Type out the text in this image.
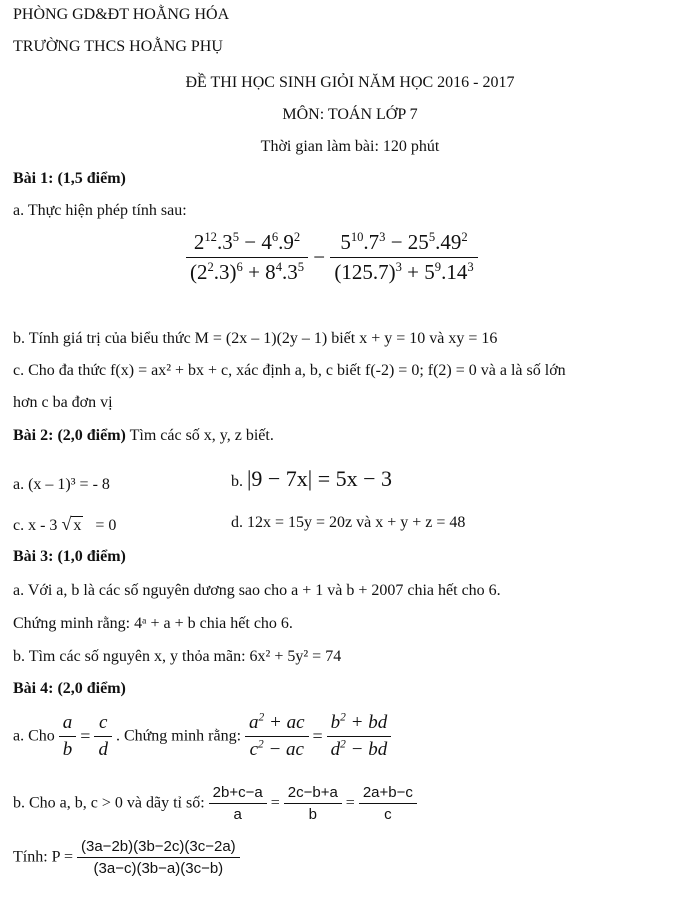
PHÒNG GD&ĐT HOẰNG HÓA
TRƯỜNG THCS HOẰNG PHỤ
ĐỀ THI HỌC SINH GIỎI NĂM HỌC 2016 - 2017
MÔN: TOÁN LỚP 7
Thời gian làm bài: 120 phút
Bài 1: (1,5 điểm)
a. Thực hiện phép tính sau:
$\frac{2^{12}.3^5 - 4^6.9^2}{(2^2.3)^6 + 8^4.3^5} - \frac{5^{10}.7^3 - 25^5.49^2}{(125.7)^3 + 5^9.14^3}$
b. Tính giá trị của biểu thức M = (2x – 1)(2y – 1) biết x + y = 10 và xy = 16
c. Cho đa thức f(x) = ax² + bx + c, xác định a, b, c biết f(-2) = 0; f(2) = 0 và a là số lớn
hơn c ba đơn vị
Bài 2: (2,0 điểm) Tìm các số x, y, z biết.
a. (x – 1)³ = - 8	b. |9 − 7x| = 5x − 3
c. x - 3 √ x = 0	d. 12x = 15y = 20z và x + y + z = 48
Bài 3: (1,0 điểm)
a. Với a, b là các số nguyên dương sao cho a + 1 và b + 2007 chia hết cho 6.
Chứng minh rằng: 4ᵃ + a + b chia hết cho 6.
b. Tìm các số nguyên x, y thỏa mãn: 6x² + 5y² = 74
Bài 4: (2,0 điểm)
a. Cho $\frac{a}{b} = \frac{c}{d}$ . Chứng minh rằng: $\frac{a^2 + ac}{c^2 - ac} = \frac{b^2 + bd}{d^2 - bd}$
b. Cho a, b, c > 0 và dãy tỉ số: $\frac{2b+c-a}{a} = \frac{2c-b+a}{b} = \frac{2a+b-c}{c}$
Tính: $P = \frac{(3a-2b)(3b-2c)(3c-2a)}{(3a-c)(3b-a)(3c-b)}$
